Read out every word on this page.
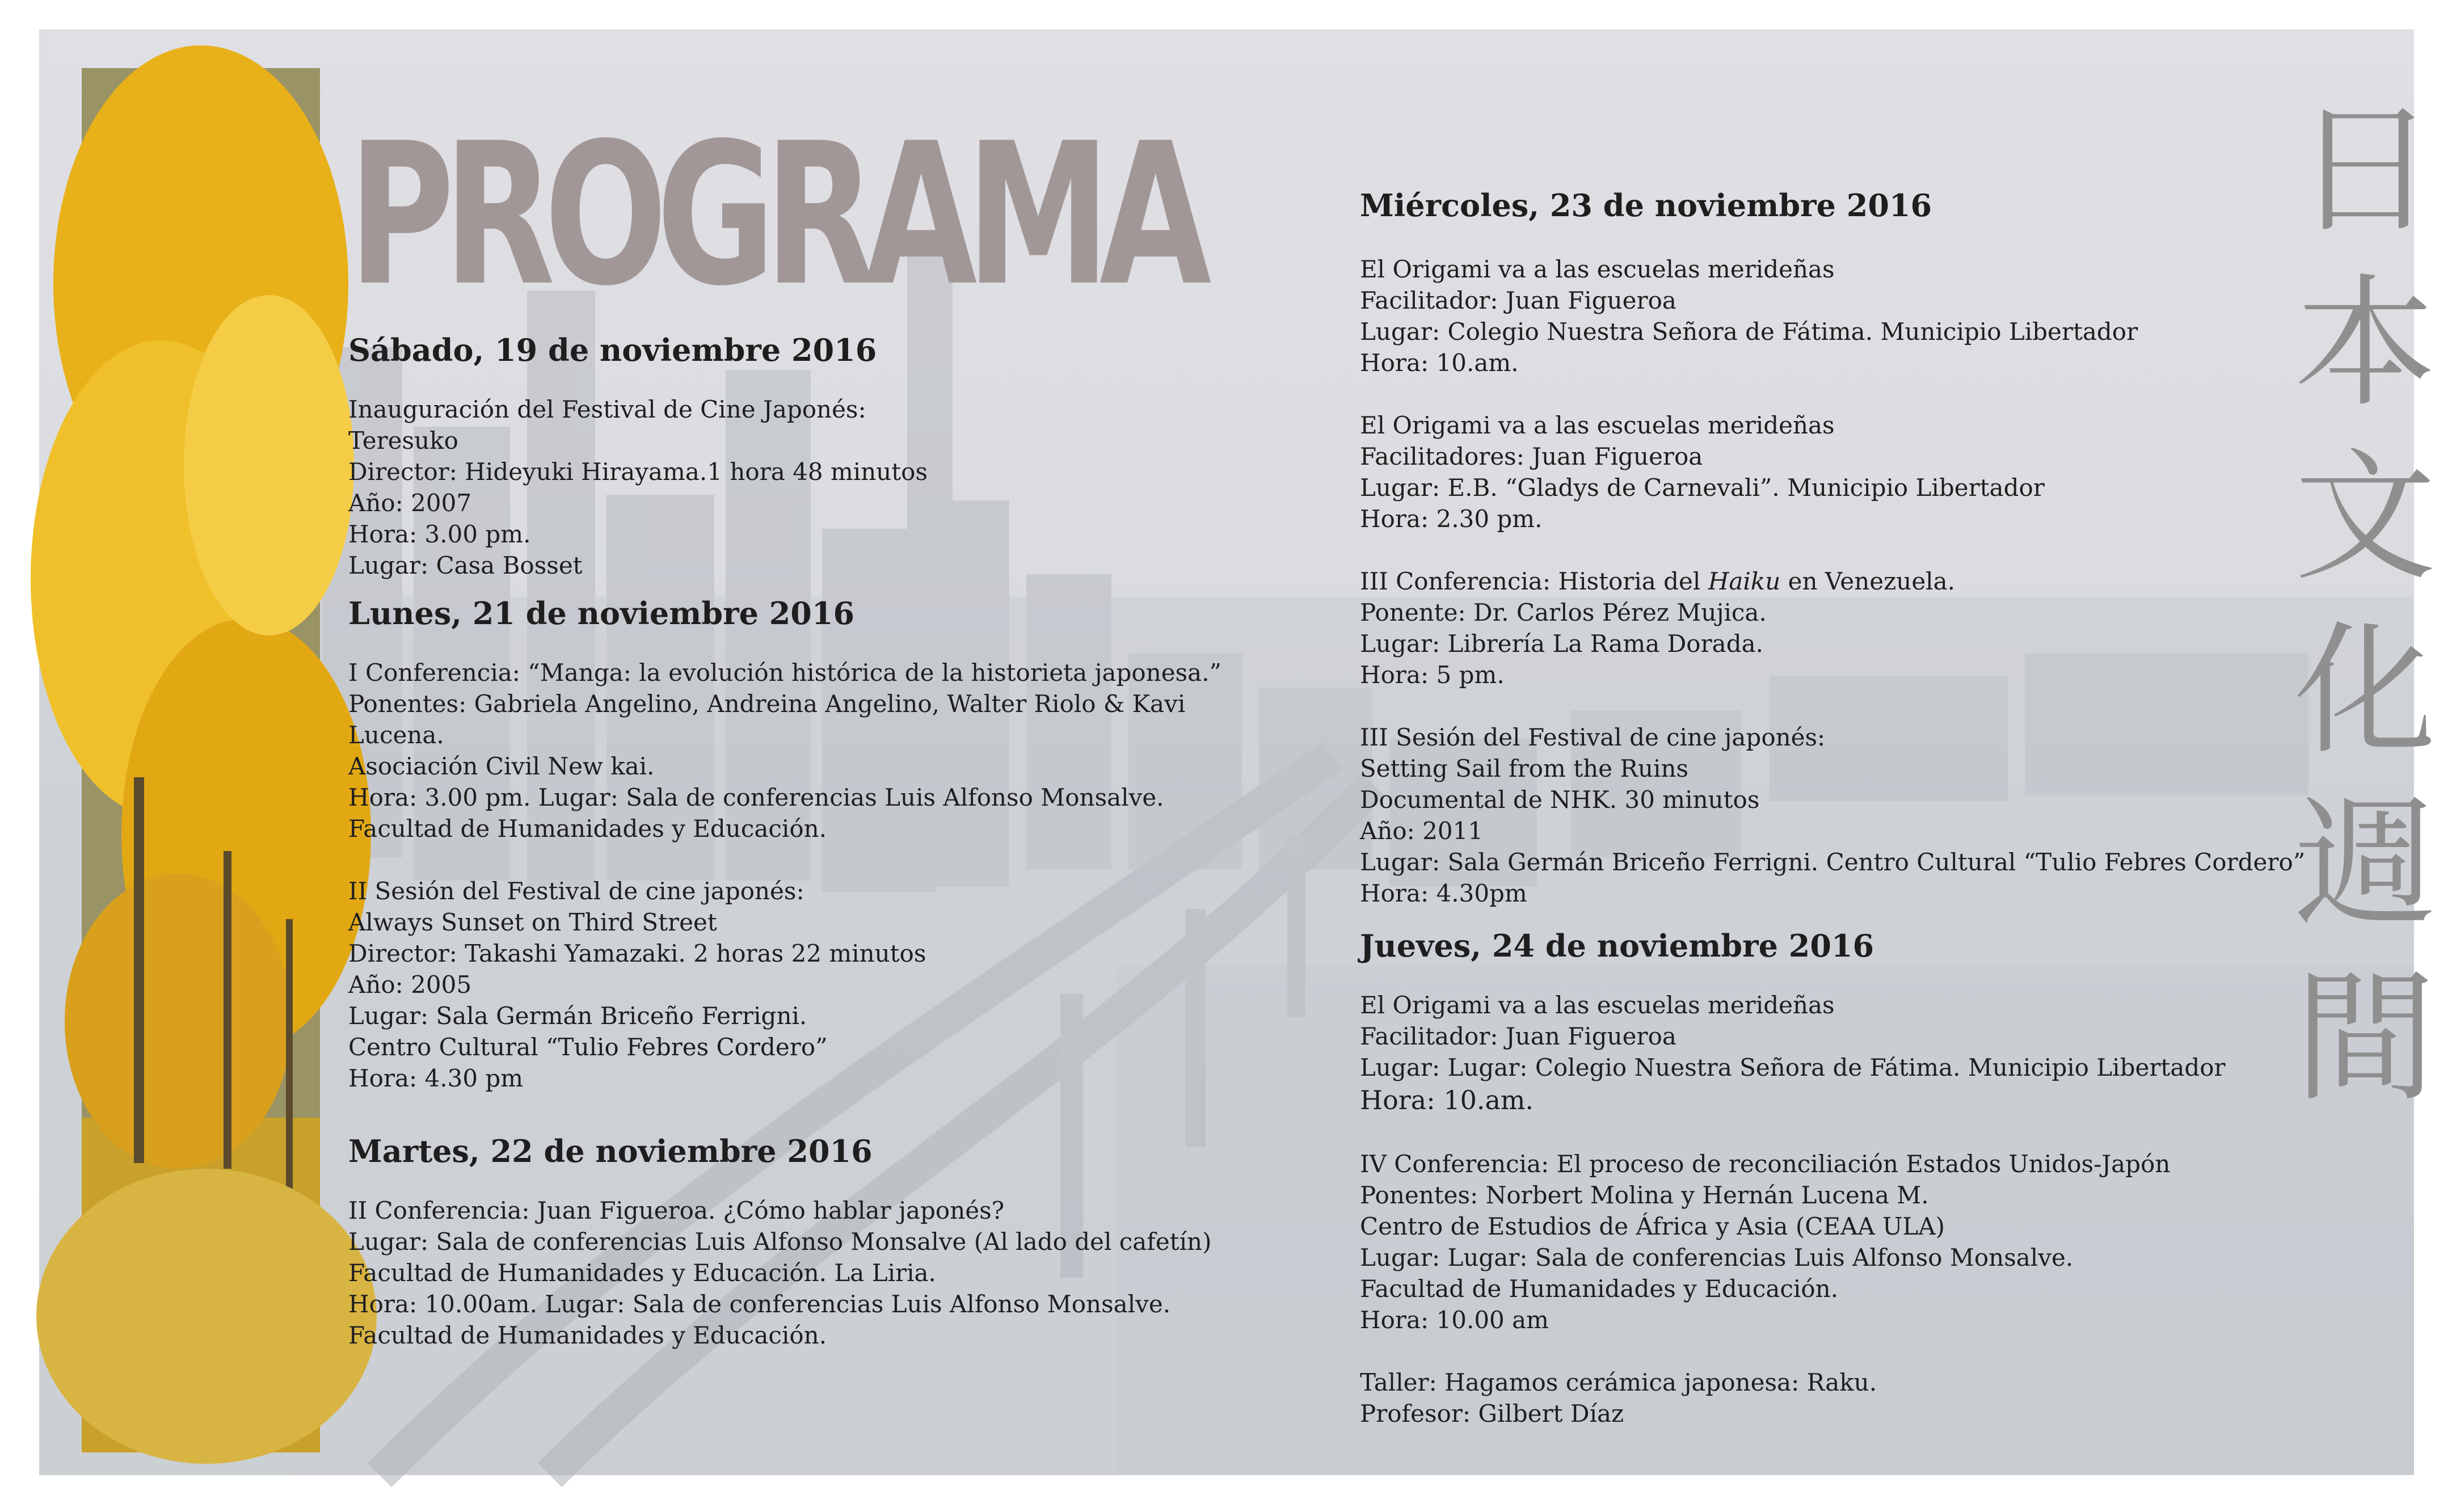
PROGRAMA
Sábado, 19 de noviembre 2016
Inauguración del Festival de Cine Japonés:
Teresuko
Director: Hideyuki Hirayama.1 hora 48 minutos
Año: 2007
Hora: 3.00 pm.
Lugar: Casa Bosset
Lunes, 21 de noviembre 2016
I Conferencia: “Manga: la evolución histórica de la historieta japonesa.”
Ponentes: Gabriela Angelino, Andreina Angelino, Walter Riolo & Kavi
Lucena.
Asociación Civil New kai.
Hora: 3.00 pm. Lugar: Sala de conferencias Luis Alfonso Monsalve.
Facultad de Humanidades y Educación.
II Sesión del Festival de cine japonés:
Always Sunset on Third Street
Director: Takashi Yamazaki. 2 horas 22 minutos
Año: 2005
Lugar: Sala Germán Briceño Ferrigni.
Centro Cultural “Tulio Febres Cordero”
Hora: 4.30 pm
Martes, 22 de noviembre 2016
II Conferencia: Juan Figueroa. ¿Cómo hablar japonés?
Lugar: Sala de conferencias Luis Alfonso Monsalve (Al lado del cafetín)
Facultad de Humanidades y Educación. La Liria.
Hora: 10.00am. Lugar: Sala de conferencias Luis Alfonso Monsalve.
Facultad de Humanidades y Educación.
Miércoles, 23 de noviembre 2016
El Origami va a las escuelas merideñas
Facilitador: Juan Figueroa
Lugar: Colegio Nuestra Señora de Fátima. Municipio Libertador
Hora: 10.am.
El Origami va a las escuelas merideñas
Facilitadores: Juan Figueroa
Lugar: E.B. “Gladys de Carnevali”. Municipio Libertador
Hora: 2.30 pm.
III Conferencia: Historia del Haiku en Venezuela.
Ponente: Dr. Carlos Pérez Mujica.
Lugar: Librería La Rama Dorada.
Hora: 5 pm.
III Sesión del Festival de cine japonés:
Setting Sail from the Ruins
Documental de NHK. 30 minutos
Año: 2011
Lugar: Sala Germán Briceño Ferrigni. Centro Cultural “Tulio Febres Cordero”
Hora: 4.30pm
Jueves, 24 de noviembre 2016
El Origami va a las escuelas merideñas
Facilitador: Juan Figueroa
Lugar: Lugar: Colegio Nuestra Señora de Fátima. Municipio Libertador
Hora: 10.am.
IV Conferencia: El proceso de reconciliación Estados Unidos-Japón
Ponentes: Norbert Molina y Hernán Lucena M.
Centro de Estudios de África y Asia (CEAA ULA)
Lugar: Lugar: Sala de conferencias Luis Alfonso Monsalve.
Facultad de Humanidades y Educación.
Hora: 10.00 am
Taller: Hagamos cerámica japonesa: Raku.
Profesor: Gilbert Díaz
日
本
文
化
週
間
